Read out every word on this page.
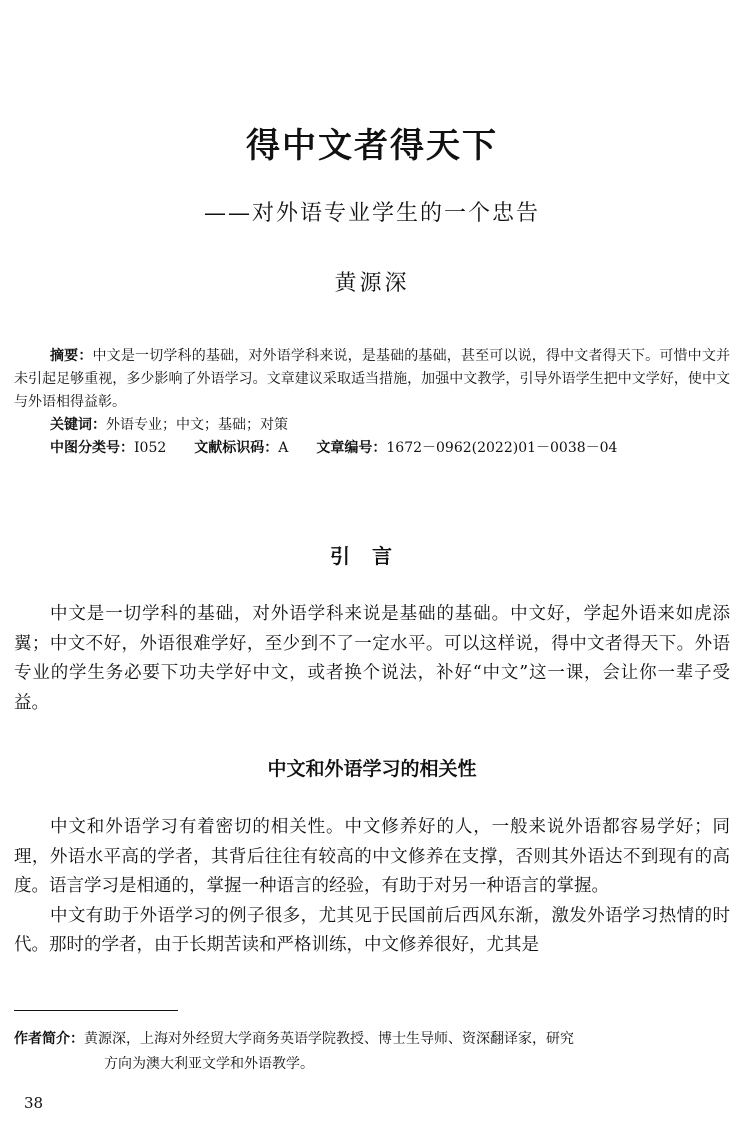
得中文者得天下
——对外语专业学生的一个忠告
黄源深
摘要：中文是一切学科的基础，对外语学科来说，是基础的基础，甚至可以说，得中文者得天下。可惜中文并未引起足够重视，多少影响了外语学习。文章建议采取适当措施，加强中文教学，引导外语学生把中文学好，使中文与外语相得益彰。
关键词：外语专业；中文；基础；对策
中图分类号：I052 文献标识码：A 文章编号：1672－0962(2022)01－0038－04
引言
中文是一切学科的基础，对外语学科来说是基础的基础。中文好，学起外语来如虎添翼；中文不好，外语很难学好，至少到不了一定水平。可以这样说，得中文者得天下。外语专业的学生务必要下功夫学好中文，或者换个说法，补好“中文”这一课，会让你一辈子受益。
中文和外语学习的相关性
中文和外语学习有着密切的相关性。中文修养好的人，一般来说外语都容易学好；同理，外语水平高的学者，其背后往往有较高的中文修养在支撑，否则其外语达不到现有的高度。语言学习是相通的，掌握一种语言的经验，有助于对另一种语言的掌握。
中文有助于外语学习的例子很多，尤其见于民国前后西风东渐，激发外语学习热情的时代。那时的学者，由于长期苦读和严格训练，中文修养很好，尤其是
作者简介：黄源深，上海对外经贸大学商务英语学院教授、博士生导师、资深翻译家，研究
方向为澳大利亚文学和外语教学。
38
